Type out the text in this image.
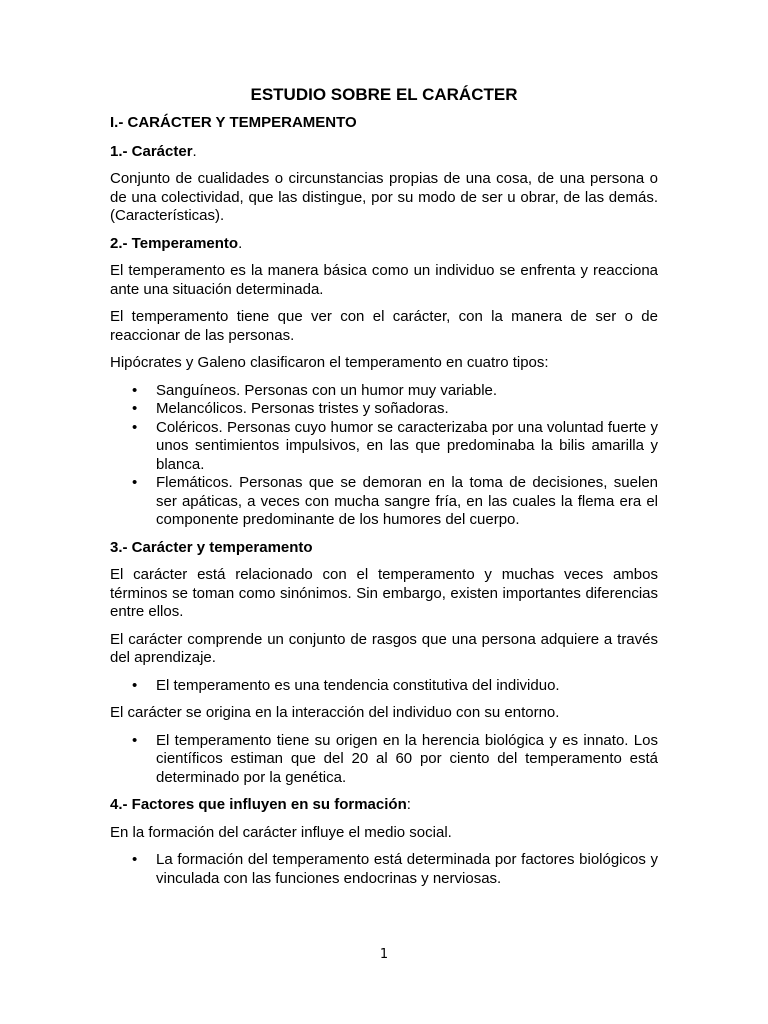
ESTUDIO SOBRE EL CARÁCTER
I.- CARÁCTER Y TEMPERAMENTO
1.- Carácter.

Conjunto de cualidades o circunstancias propias de una cosa, de una persona o de una colectividad, que las distingue, por su modo de ser u obrar, de las demás. (Características).

2.- Temperamento.

El temperamento es la manera básica como un individuo se enfrenta y reacciona ante una situación determinada.

El temperamento tiene que ver con el carácter, con la manera de ser o de reaccionar de las personas.

Hipócrates y Galeno clasificaron el temperamento en cuatro tipos:

• Sanguíneos. Personas con un humor muy variable.
• Melancólicos. Personas tristes y soñadoras.
• Coléricos. Personas cuyo humor se caracterizaba por una voluntad fuerte y unos sentimientos impulsivos, en las que predominaba la bilis amarilla y blanca.
• Flemáticos. Personas que se demoran en la toma de decisiones, suelen ser apáticas, a veces con mucha sangre fría, en las cuales la flema era el componente predominante de los humores del cuerpo.
3.- Carácter y temperamento

El carácter está relacionado con el temperamento y muchas veces ambos términos se toman como sinónimos. Sin embargo, existen importantes diferencias entre ellos.

El carácter comprende un conjunto de rasgos que una persona adquiere a través del aprendizaje.

• El temperamento es una tendencia constitutiva del individuo.

El carácter se origina en la interacción del individuo con su entorno.

• El temperamento tiene su origen en la herencia biológica y es innato. Los científicos estiman que del 20 al 60 por ciento del temperamento está determinado por la genética.
4.- Factores que influyen en su formación:

En la formación del carácter influye el medio social.

• La formación del temperamento está determinada por factores biológicos y vinculada con las funciones endocrinas y nerviosas.
1
